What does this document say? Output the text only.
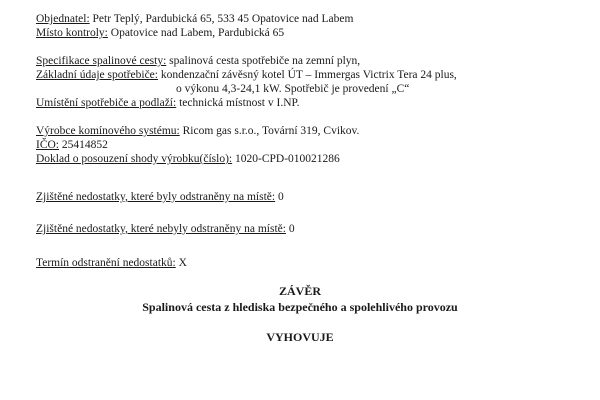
Objednatel: Petr Teplý, Pardubická 65, 533 45 Opatovice nad Labem
Místo kontroly: Opatovice nad Labem, Pardubická 65
Specifikace spalinové cesty: spalinová cesta spotřebiče na zemní plyn,
Základní údaje spotřebiče: kondenzační závěsný kotel ÚT – Immergas Victrix Tera 24 plus,
o výkonu 4,3-24,1 kW. Spotřebič je provedení „C“
Umístění spotřebiče a podlaží: technická místnost v I.NP.
Výrobce komínového systému: Ricom gas s.r.o., Tovární 319, Cvikov.
IČO: 25414852
Doklad o posouzení shody výrobku(číslo): 1020-CPD-010021286
Zjištěné nedostatky, které byly odstraněny na místě: 0
Zjištěné nedostatky, které nebyly odstraněny na místě: 0
Termín odstranění nedostatků: X
ZÁVĚR
Spalinová cesta z hlediska bezpečného a spolehlivého provozu
VYHOVUJE
